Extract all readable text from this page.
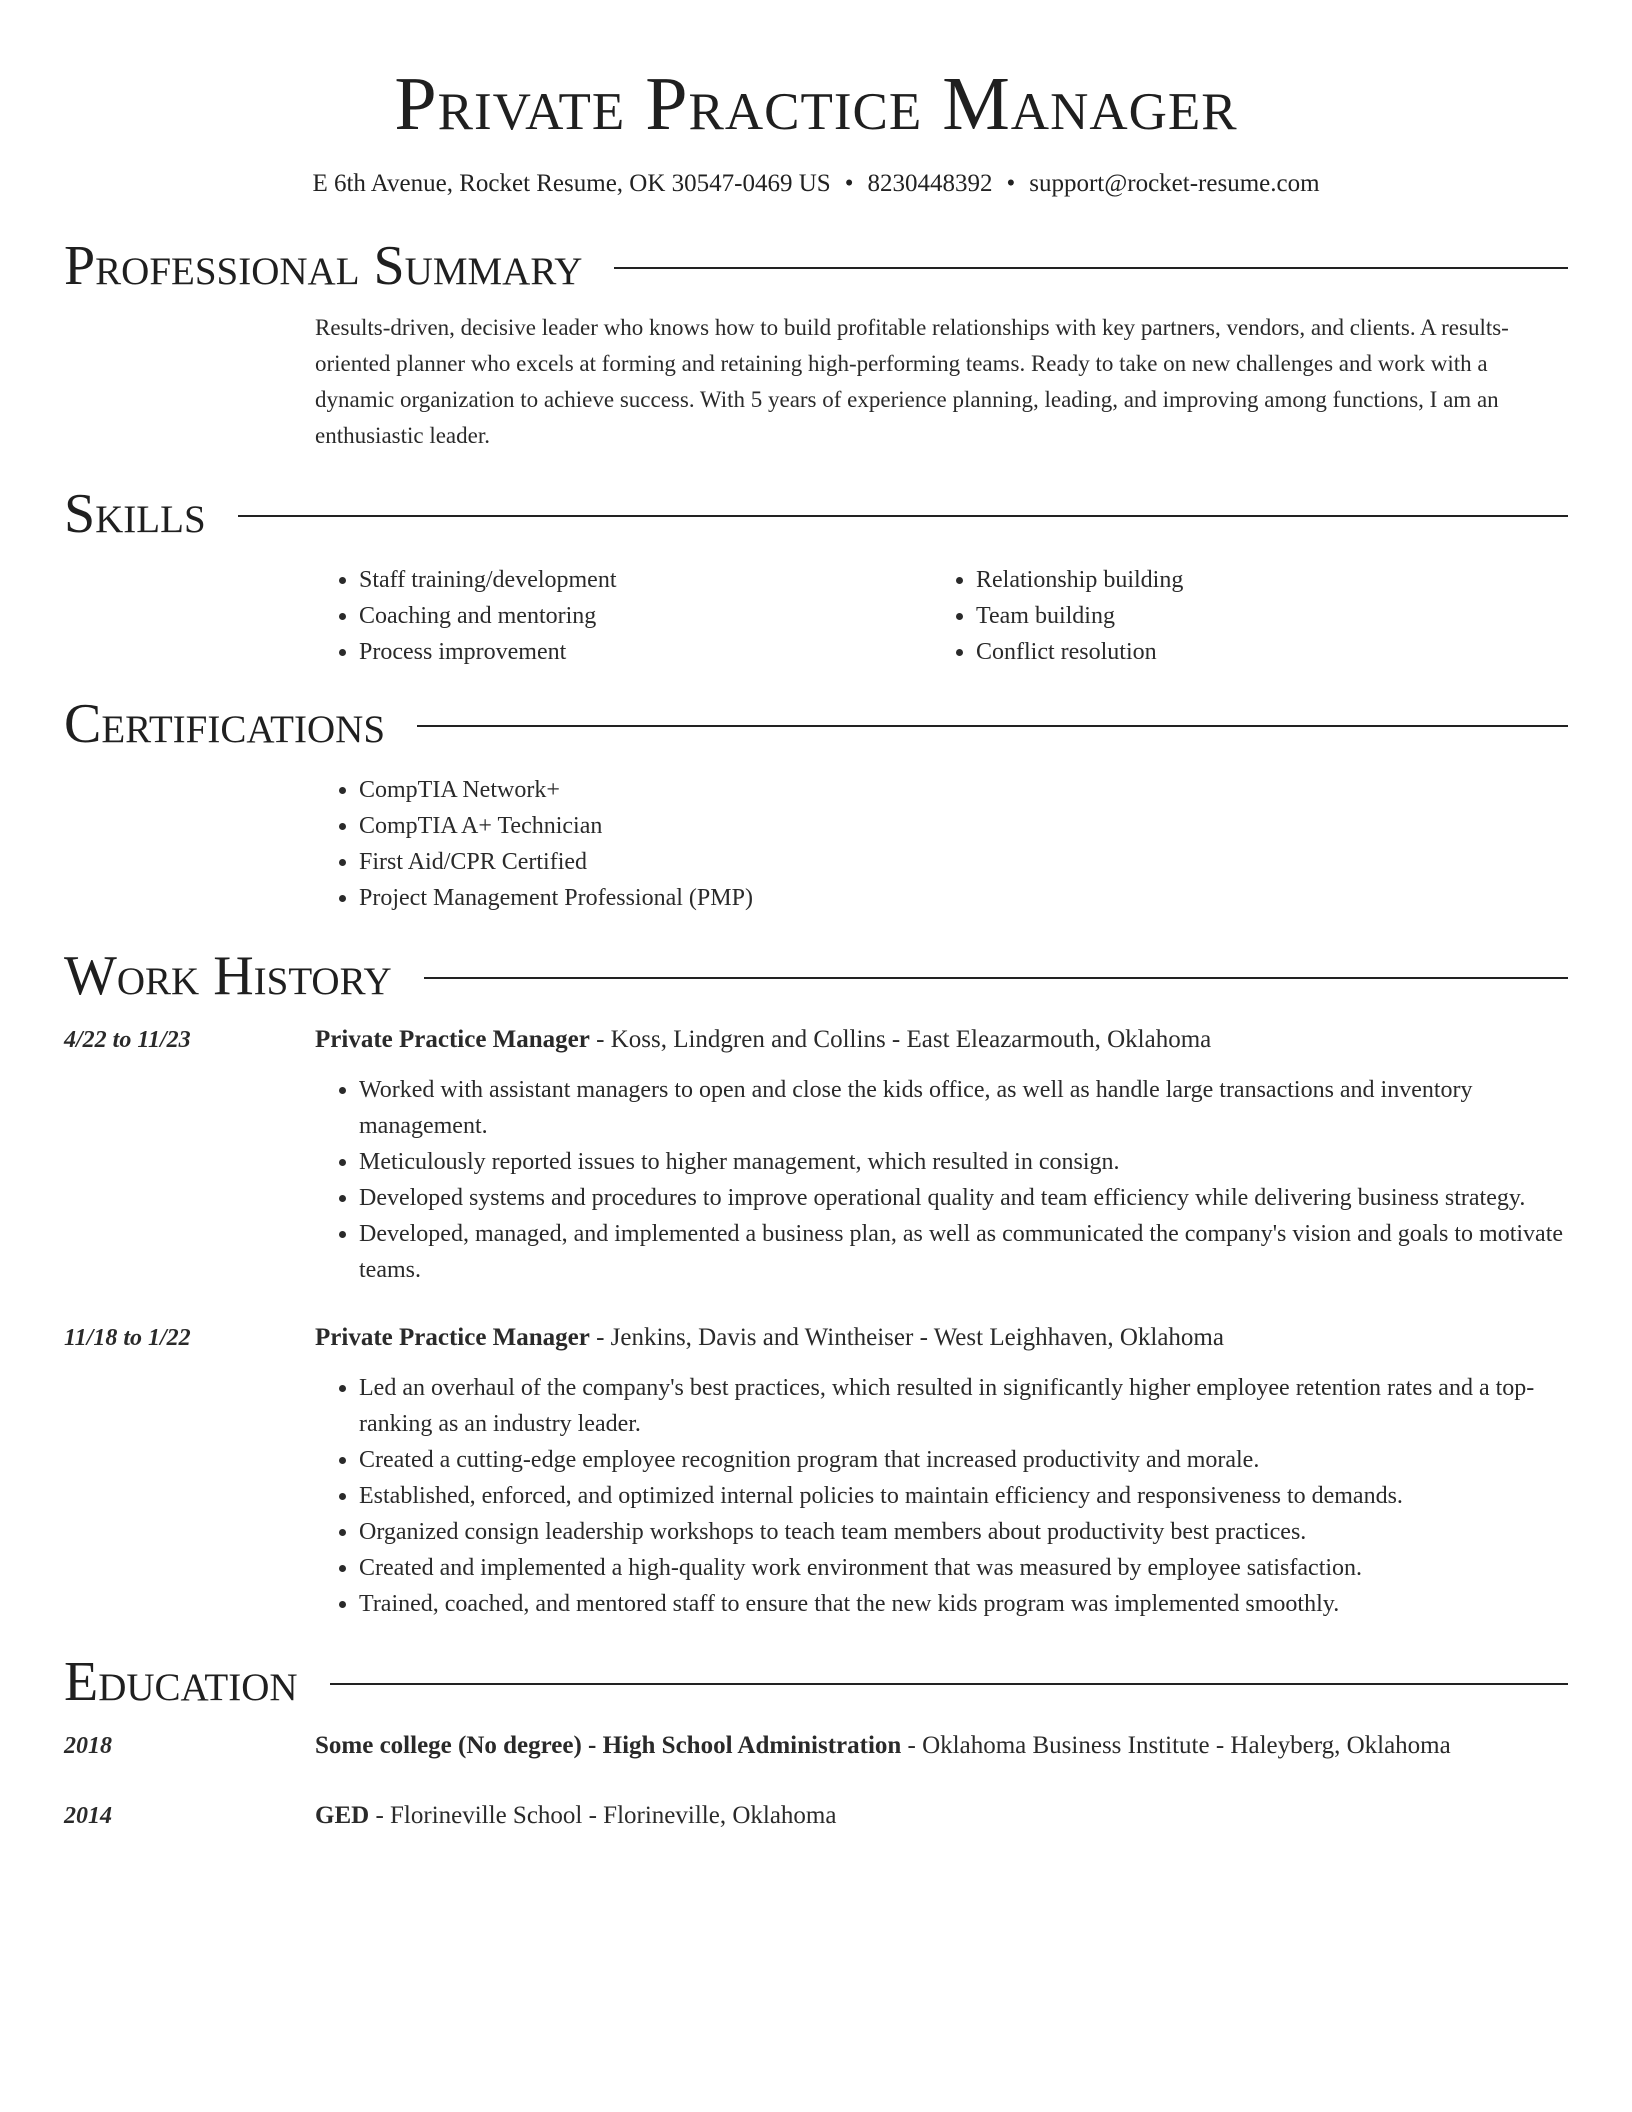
Private Practice Manager
E 6th Avenue, Rocket Resume, OK 30547-0469 US • 8230448392 • support@rocket-resume.com
Professional Summary
Results-driven, decisive leader who knows how to build profitable relationships with key partners, vendors, and clients. A results-oriented planner who excels at forming and retaining high-performing teams. Ready to take on new challenges and work with a dynamic organization to achieve success. With 5 years of experience planning, leading, and improving among functions, I am an enthusiastic leader.
Skills
• Staff training/development
• Coaching and mentoring
• Process improvement
• Relationship building
• Team building
• Conflict resolution
Certifications
• CompTIA Network+
• CompTIA A+ Technician
• First Aid/CPR Certified
• Project Management Professional (PMP)
Work History
4/22 to 11/23	Private Practice Manager - Koss, Lindgren and Collins - East Eleazarmouth, Oklahoma
• Worked with assistant managers to open and close the kids office, as well as handle large transactions and inventory management.
• Meticulously reported issues to higher management, which resulted in consign.
• Developed systems and procedures to improve operational quality and team efficiency while delivering business strategy.
• Developed, managed, and implemented a business plan, as well as communicated the company's vision and goals to motivate teams.
11/18 to 1/22	Private Practice Manager - Jenkins, Davis and Wintheiser - West Leighhaven, Oklahoma
• Led an overhaul of the company's best practices, which resulted in significantly higher employee retention rates and a top-ranking as an industry leader.
• Created a cutting-edge employee recognition program that increased productivity and morale.
• Established, enforced, and optimized internal policies to maintain efficiency and responsiveness to demands.
• Organized consign leadership workshops to teach team members about productivity best practices.
• Created and implemented a high-quality work environment that was measured by employee satisfaction.
• Trained, coached, and mentored staff to ensure that the new kids program was implemented smoothly.
Education
2018	Some college (No degree) - High School Administration - Oklahoma Business Institute - Haleyberg, Oklahoma
2014	GED - Florineville School - Florineville, Oklahoma
